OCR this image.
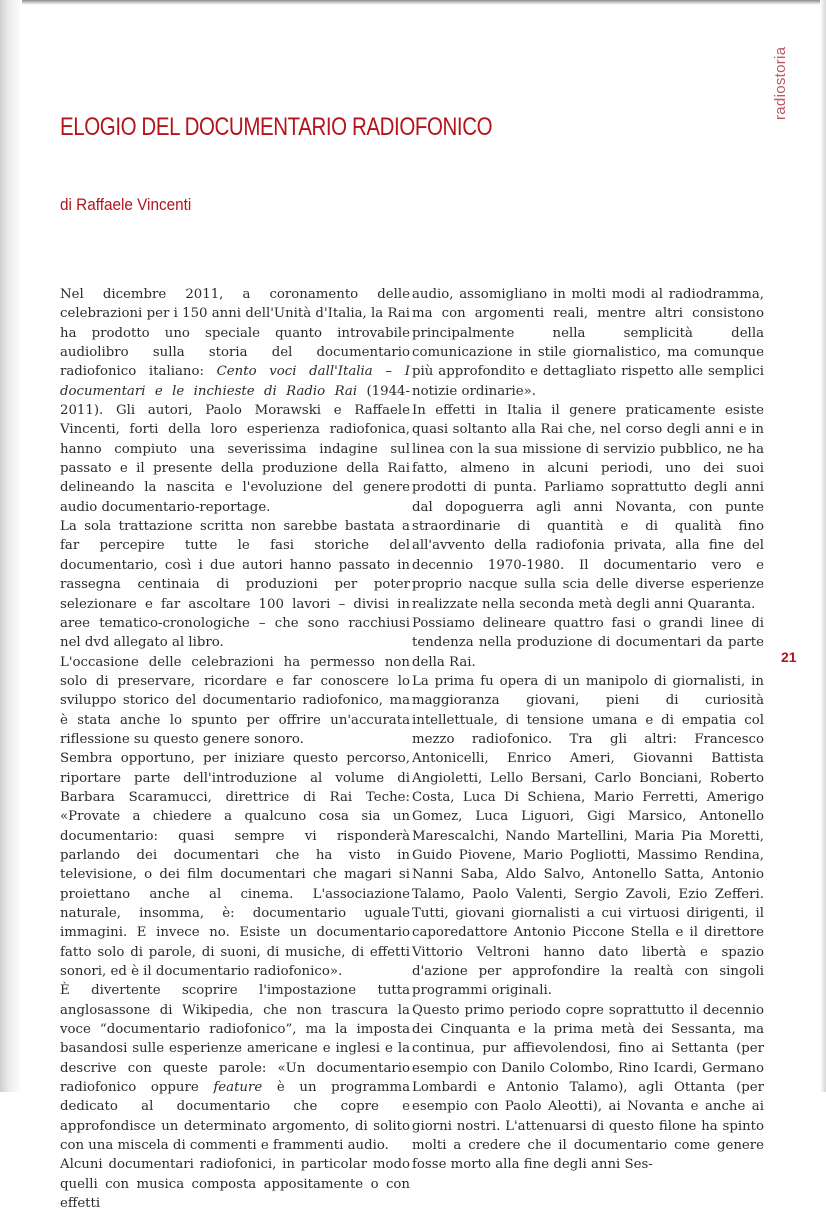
radiostoria
ELOGIO DEL DOCUMENTARIO RADIOFONICO
di Raffaele Vincenti

Nel dicembre 2011, a coronamento delle celebrazioni per i 150 anni dell'Unità d'Italia, la Rai ha prodotto uno speciale quanto introvabile audiolibro sulla storia del documentario radiofonico italiano: Cento voci dall'Italia – I documentari e le inchieste di Radio Rai (1944-2011). Gli autori, Paolo Morawski e Raffaele Vincenti, forti della loro esperienza radiofonica, hanno compiuto una severissima indagine sul passato e il presente della produzione della Rai delineando la nascita e l'evoluzione del genere audio documentario-reportage.

La sola trattazione scritta non sarebbe bastata a far percepire tutte le fasi storiche del documentario, così i due autori hanno passato in rassegna centinaia di produzioni per poter selezionare e far ascoltare 100 lavori – divisi in aree tematico-cronologiche – che sono racchiusi nel dvd allegato al libro.

L'occasione delle celebrazioni ha permesso non solo di preservare, ricordare e far conoscere lo sviluppo storico del documentario radiofonico, ma è stata anche lo spunto per offrire un'accurata riflessione su questo genere sonoro.

Sembra opportuno, per iniziare questo percorso, riportare parte dell'introduzione al volume di Barbara Scaramucci, direttrice di Rai Teche: «Provate a chiedere a qualcuno cosa sia un documentario: quasi sempre vi risponderà parlando dei documentari che ha visto in televisione, o dei film documentari che magari si proiettano anche al cinema. L'associazione naturale, insomma, è: documentario uguale immagini. E invece no. Esiste un documentario fatto solo di parole, di suoni, di musiche, di effetti sonori, ed è il documentario radiofonico».

È divertente scoprire l'impostazione tutta anglosassone di Wikipedia, che non trascura la voce “documentario radiofonico”, ma la imposta basandosi sulle esperienze americane e inglesi e la descrive con queste parole: «Un documentario radiofonico oppure feature è un programma dedicato al documentario che copre e approfondisce un determinato argomento, di solito con una miscela di commenti e frammenti audio.

Alcuni documentari radiofonici, in particolar modo quelli con musica composta appositamente o con effetti

audio, assomigliano in molti modi al radiodramma, ma con argomenti reali, mentre altri consistono principalmente nella semplicità della comunicazione in stile giornalistico, ma comunque più approfondito e dettagliato rispetto alle semplici notizie ordinarie».

In effetti in Italia il genere praticamente esiste quasi soltanto alla Rai che, nel corso degli anni e in linea con la sua missione di servizio pubblico, ne ha fatto, almeno in alcuni periodi, uno dei suoi prodotti di punta. Parliamo soprattutto degli anni dal dopoguerra agli anni Novanta, con punte straordinarie di quantità e di qualità fino all'avvento della radiofonia privata, alla fine del decennio 1970-1980. Il documentario vero e proprio nacque sulla scia delle diverse esperienze realizzate nella seconda metà degli anni Quaranta.

Possiamo delineare quattro fasi o grandi linee di tendenza nella produzione di documentari da parte della Rai.

La prima fu opera di un manipolo di giornalisti, in maggioranza giovani, pieni di curiosità intellettuale, di tensione umana e di empatia col mezzo radiofonico. Tra gli altri: Francesco Antonicelli, Enrico Ameri, Giovanni Battista Angioletti, Lello Bersani, Carlo Bonciani, Roberto Costa, Luca Di Schiena, Mario Ferretti, Amerigo Gomez, Luca Liguori, Gigi Marsico, Antonello Marescalchi, Nando Martellini, Maria Pia Moretti, Guido Piovene, Mario Pogliotti, Massimo Rendina, Nanni Saba, Aldo Salvo, Antonello Satta, Antonio Talamo, Paolo Valenti, Sergio Zavoli, Ezio Zefferi. Tutti, giovani giornalisti a cui virtuosi dirigenti, il caporedattore Antonio Piccone Stella e il direttore Vittorio Veltroni hanno dato libertà e spazio d'azione per approfondire la realtà con singoli programmi originali.

Questo primo periodo copre soprattutto il decennio dei Cinquanta e la prima metà dei Sessanta, ma continua, pur affievolendosi, fino ai Settanta (per esempio con Danilo Colombo, Rino Icardi, Germano Lombardi e Antonio Talamo), agli Ottanta (per esempio con Paolo Aleotti), ai Novanta e anche ai giorni nostri. L'attenuarsi di questo filone ha spinto molti a credere che il documentario come genere fosse morto alla fine degli anni Ses-

21
